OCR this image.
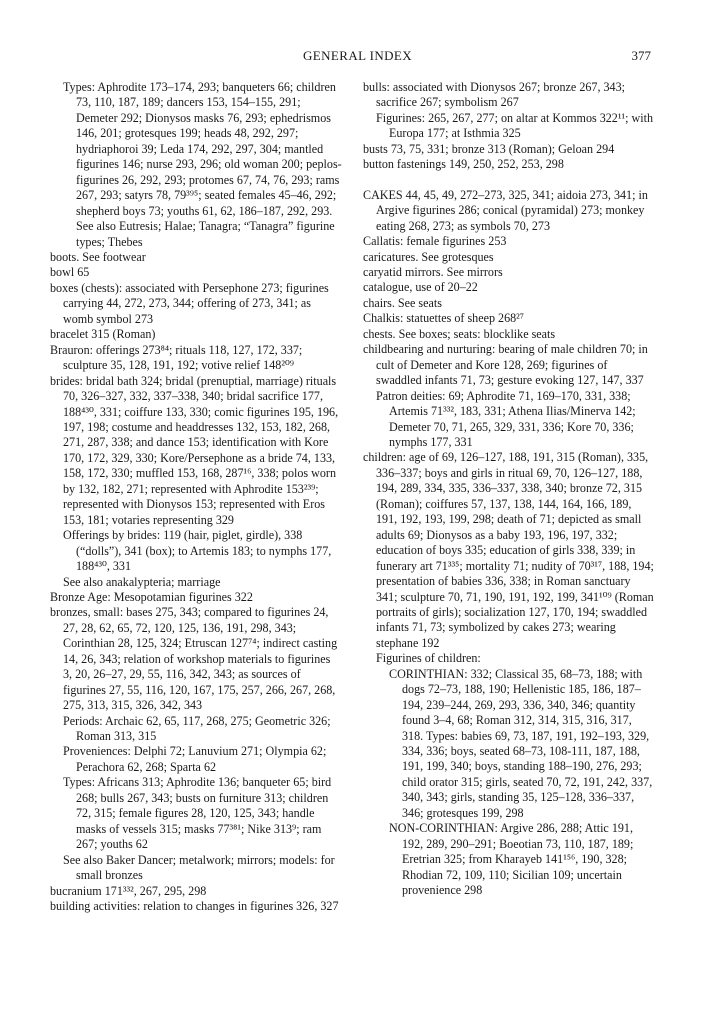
GENERAL INDEX	377

Types: Aphrodite 173–174, 293; banqueters 66; children 73, 110, 187, 189; dancers 153, 154–155, 291; Demeter 292; Dionysos masks 76, 293; ephedrismos 146, 201; grotesques 199; heads 48, 292, 297; hydriaphoroi 39; Leda 174, 292, 297, 304; mantled figurines 146; nurse 293, 296; old woman 200; peplos-figurines 26, 292, 293; protomes 67, 74, 76, 293; rams 267, 293; satyrs 78, 79³⁹⁵; seated females 45–46, 292; shepherd boys 73; youths 61, 62, 186–187, 292, 293. See also Eutresis; Halae; Tanagra; “Tanagra” figurine types; Thebes

boots. See footwear

bowl 65

boxes (chests): associated with Persephone 273; figurines carrying 44, 272, 273, 344; offering of 273, 341; as womb symbol 273

bracelet 315 (Roman)

Brauron: offerings 273⁸⁴; rituals 118, 127, 172, 337; sculpture 35, 128, 191, 192; votive relief 148²⁰⁹

brides: bridal bath 324; bridal (prenuptial, marriage) rituals 70, 326–327, 332, 337–338, 340; bridal sacrifice 177, 188⁴³⁰, 331; coiffure 133, 330; comic figurines 195, 196, 197, 198; costume and headdresses 132, 153, 182, 268, 271, 287, 338; and dance 153; identification with Kore 170, 172, 329, 330; Kore/Persephone as a bride 74, 133, 158, 172, 330; muffled 153, 168, 287¹⁶, 338; polos worn by 132, 182, 271; represented with Aphrodite 153²³⁹; represented with Dionysos 153; represented with Eros 153, 181; votaries representing 329

Offerings by brides: 119 (hair, piglet, girdle), 338 (“dolls”), 341 (box); to Artemis 183; to nymphs 177, 188⁴³⁰, 331

See also anakalypteria; marriage

Bronze Age: Mesopotamian figurines 322

bronzes, small: bases 275, 343; compared to figurines 24, 27, 28, 62, 65, 72, 120, 125, 136, 191, 298, 343; Corinthian 28, 125, 324; Etruscan 127⁷⁴; indirect casting 14, 26, 343; relation of workshop materials to figurines 3, 20, 26–27, 29, 55, 116, 342, 343; as sources of figurines 27, 55, 116, 120, 167, 175, 257, 266, 267, 268, 275, 313, 315, 326, 342, 343

Periods: Archaic 62, 65, 117, 268, 275; Geometric 326; Roman 313, 315

Proveniences: Delphi 72; Lanuvium 271; Olympia 62; Perachora 62, 268; Sparta 62

Types: Africans 313; Aphrodite 136; banqueter 65; bird 268; bulls 267, 343; busts on furniture 313; children 72, 315; female figures 28, 120, 125, 343; handle masks of vessels 315; masks 77³⁸¹; Nike 313⁹; ram 267; youths 62

See also Baker Dancer; metalwork; mirrors; models: for small bronzes

bucranium 171³³², 267, 295, 298

building activities: relation to changes in figurines 326, 327

bulls: associated with Dionysos 267; bronze 267, 343; sacrifice 267; symbolism 267

Figurines: 265, 267, 277; on altar at Kommos 322¹¹; with Europa 177; at Isthmia 325

busts 73, 75, 331; bronze 313 (Roman); Geloan 294

button fastenings 149, 250, 252, 253, 298

CAKES 44, 45, 49, 272–273, 325, 341; aidoia 273, 341; in Argive figurines 286; conical (pyramidal) 273; monkey eating 268, 273; as symbols 70, 273

Callatis: female figurines 253

caricatures. See grotesques

caryatid mirrors. See mirrors

catalogue, use of 20–22

chairs. See seats

Chalkis: statuettes of sheep 268²⁷

chests. See boxes; seats: blocklike seats

childbearing and nurturing: bearing of male children 70; in cult of Demeter and Kore 128, 269; figurines of swaddled infants 71, 73; gesture evoking 127, 147, 337

Patron deities: 69; Aphrodite 71, 169–170, 331, 338; Artemis 71³³², 183, 331; Athena Ilias/Minerva 142; Demeter 70, 71, 265, 329, 331, 336; Kore 70, 336; nymphs 177, 331

children: age of 69, 126–127, 188, 191, 315 (Roman), 335, 336–337; boys and girls in ritual 69, 70, 126–127, 188, 194, 289, 334, 335, 336–337, 338, 340; bronze 72, 315 (Roman); coiffures 57, 137, 138, 144, 164, 166, 189, 191, 192, 193, 199, 298; death of 71; depicted as small adults 69; Dionysos as a baby 193, 196, 197, 332; education of boys 335; education of girls 338, 339; in funerary art 71³³⁵; mortality 71; nudity of 70³¹⁷, 188, 194; presentation of babies 336, 338; in Roman sanctuary 341; sculpture 70, 71, 190, 191, 192, 199, 341¹⁰⁹ (Roman portraits of girls); socialization 127, 170, 194; swaddled infants 71, 73; symbolized by cakes 273; wearing stephane 192

Figurines of children:

CORINTHIAN: 332; Classical 35, 68–73, 188; with dogs 72–73, 188, 190; Hellenistic 185, 186, 187–194, 239–244, 269, 293, 336, 340, 346; quantity found 3–4, 68; Roman 312, 314, 315, 316, 317, 318. Types: babies 69, 73, 187, 191, 192–193, 329, 334, 336; boys, seated 68–73, 108-111, 187, 188, 191, 199, 340; boys, standing 188–190, 276, 293; child orator 315; girls, seated 70, 72, 191, 242, 337, 340, 343; girls, standing 35, 125–128, 336–337, 346; grotesques 199, 298

NON-CORINTHIAN: Argive 286, 288; Attic 191, 192, 289, 290–291; Boeotian 73, 110, 187, 189; Eretrian 325; from Kharayeb 141¹⁵⁶, 190, 328; Rhodian 72, 109, 110; Sicilian 109; uncertain provenience 298
